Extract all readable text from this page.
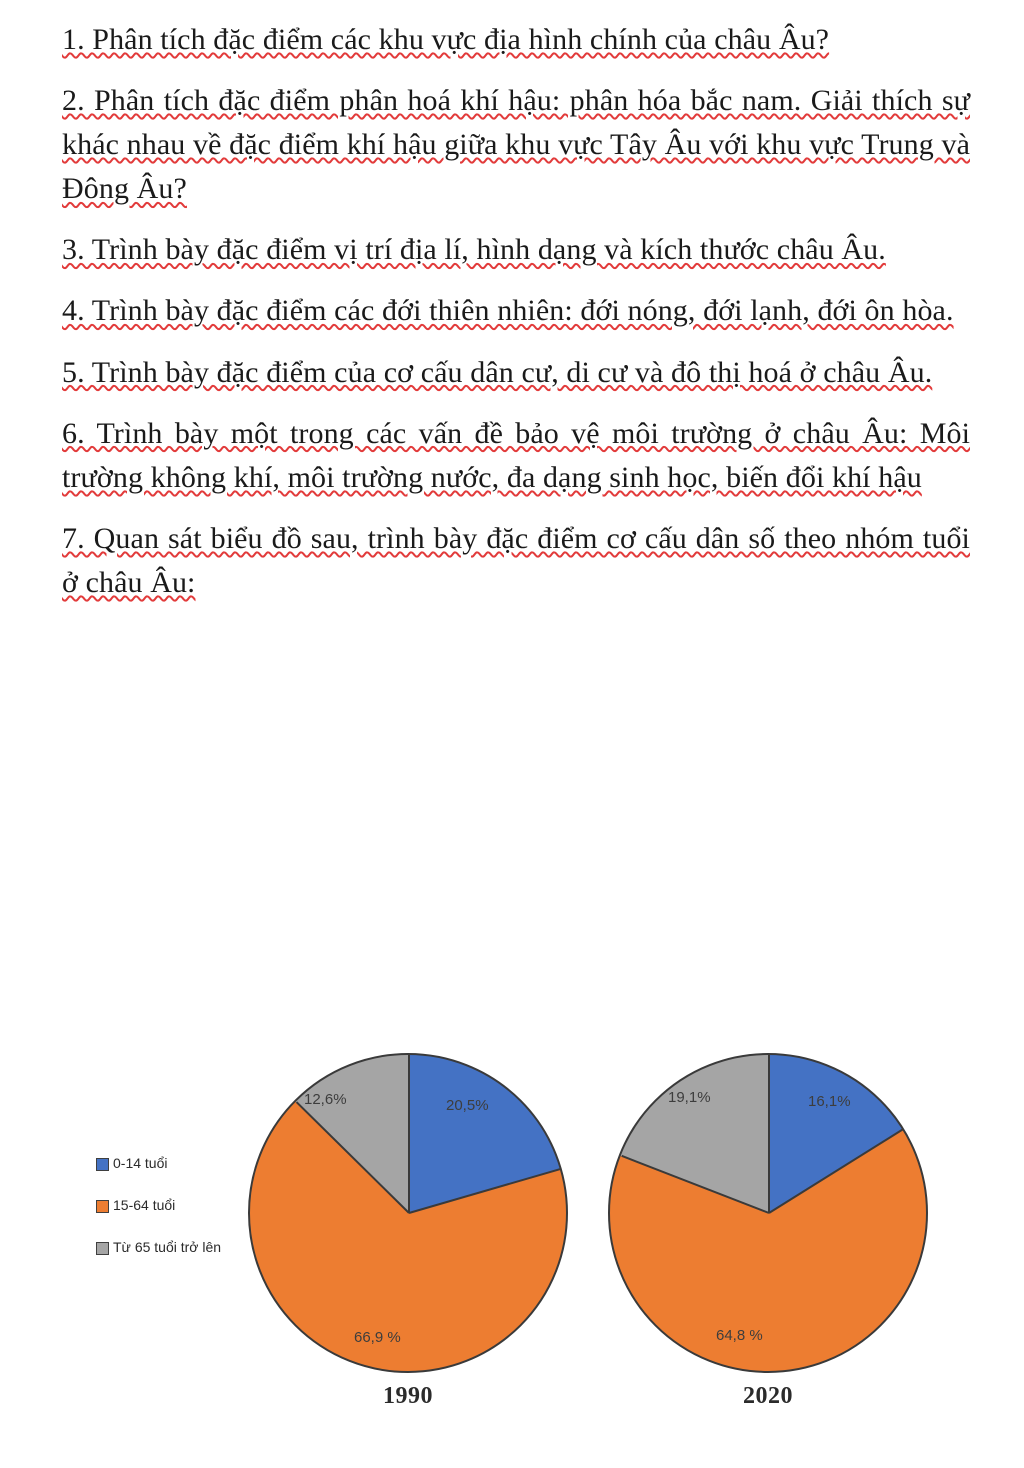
1. Phân tích đặc điểm các khu vực địa hình chính của châu Âu?

2. Phân tích đặc điểm phân hoá khí hậu: phân hóa bắc nam. Giải thích sự khác nhau về đặc điểm khí hậu giữa khu vực Tây Âu với khu vực Trung và Đông Âu?

3. Trình bày đặc điểm vị trí địa lí, hình dạng và kích thước châu Âu.

4. Trình bày đặc điểm các đới thiên nhiên: đới nóng, đới lạnh, đới ôn hòa.

5. Trình bày đặc điểm của cơ cấu dân cư, di cư và đô thị hoá ở châu Âu.

6. Trình bày một trong các vấn đề bảo vệ môi trường ở châu Âu: Môi trường không khí, môi trường nước, đa dạng sinh học, biến đổi khí hậu

7. Quan sát biểu đồ sau, trình bày đặc điểm cơ cấu dân số theo nhóm tuổi ở châu Âu:

0-14 tuổi
15-64 tuổi
Từ 65 tuổi trở lên
20,5%
66,9 %
12,6%
1990
16,1%
64,8 %
19,1%
2020
